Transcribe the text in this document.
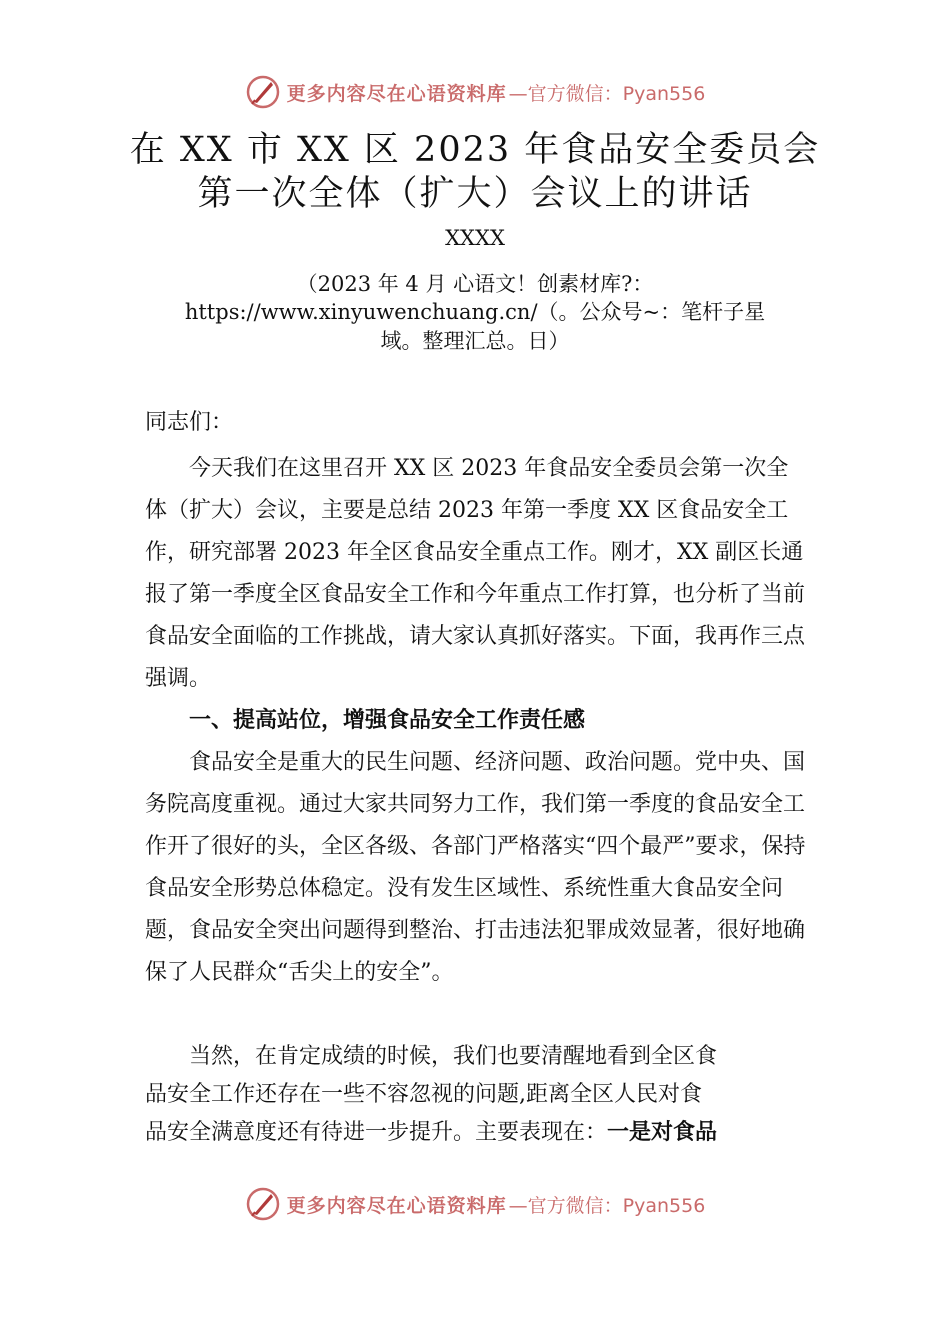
更多内容尽在心语资料库 —官方微信：Pyan556
在 XX 市 XX 区 2023 年食品安全委员会
第一次全体（扩大）会议上的讲话
XXXX
（2023 年 4 月 心语文！创素材库?：
https://www.xinyuwenchuang.cn/（。公众号~：笔杆子星
域。整理汇总。日）

同志们：

今天我们在这里召开 XX 区 2023 年食品安全委员会第一次全体（扩大）会议，主要是总结 2023 年第一季度 XX 区食品安全工作，研究部署 2023 年全区食品安全重点工作。刚才，XX 副区长通报了第一季度全区食品安全工作和今年重点工作打算，也分析了当前食品安全面临的工作挑战，请大家认真抓好落实。下面，我再作三点强调。

一、提高站位，增强食品安全工作责任感

食品安全是重大的民生问题、经济问题、政治问题。党中央、国务院高度重视。通过大家共同努力工作，我们第一季度的食品安全工作开了很好的头，全区各级、各部门严格落实“四个最严”要求，保持食品安全形势总体稳定。没有发生区域性、系统性重大食品安全问题，食品安全突出问题得到整治、打击违法犯罪成效显著，很好地确保了人民群众“舌尖上的安全”。

当然，在肯定成绩的时候，我们也要清醒地看到全区食

品安全工作还存在一些不容忽视的问题,距离全区人民对食

品安全满意度还有待进一步提升。主要表现在：一是对食品

更多内容尽在心语资料库 —官方微信：Pyan556
